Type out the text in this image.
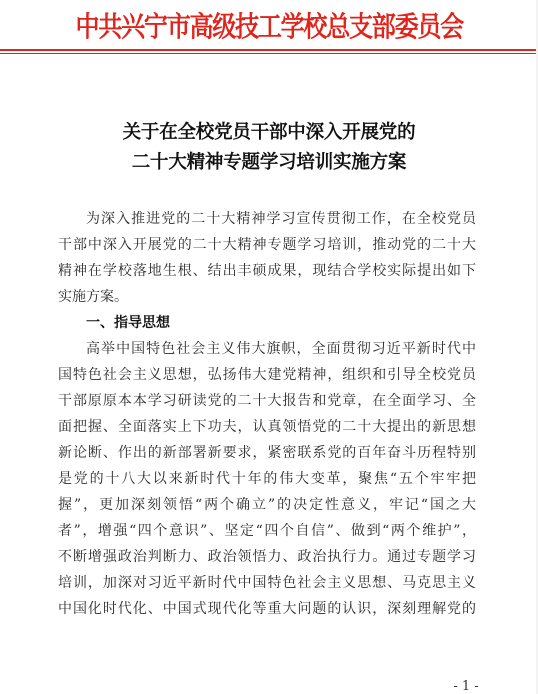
中共兴宁市高级技工学校总支部委员会
关于在全校党员干部中深入开展党的
二十大精神专题学习培训实施方案
为深入推进党的二十大精神学习宣传贯彻工作，在全校党员
干部中深入开展党的二十大精神专题学习培训，推动党的二十大
精神在学校落地生根、结出丰硕成果，现结合学校实际提出如下
实施方案。
一、指导思想
高举中国特色社会主义伟大旗帜，全面贯彻习近平新时代中
国特色社会主义思想，弘扬伟大建党精神，组织和引导全校党员
干部原原本本学习研读党的二十大报告和党章，在全面学习、全
面把握、全面落实上下功夫，认真领悟党的二十大提出的新思想
新论断、作出的新部署新要求，紧密联系党的百年奋斗历程特别
是党的十八大以来新时代十年的伟大变革，聚焦“五个牢牢把
握”，更加深刻领悟“两个确立”的决定性意义，牢记“国之大
者”，增强“四个意识”、坚定“四个自信”、做到“两个维护”，
不断增强政治判断力、政治领悟力、政治执行力。通过专题学习
培训，加深对习近平新时代中国特色社会主义思想、马克思主义
中国化时代化、中国式现代化等重大问题的认识，深刻理解党的
- 1 -
